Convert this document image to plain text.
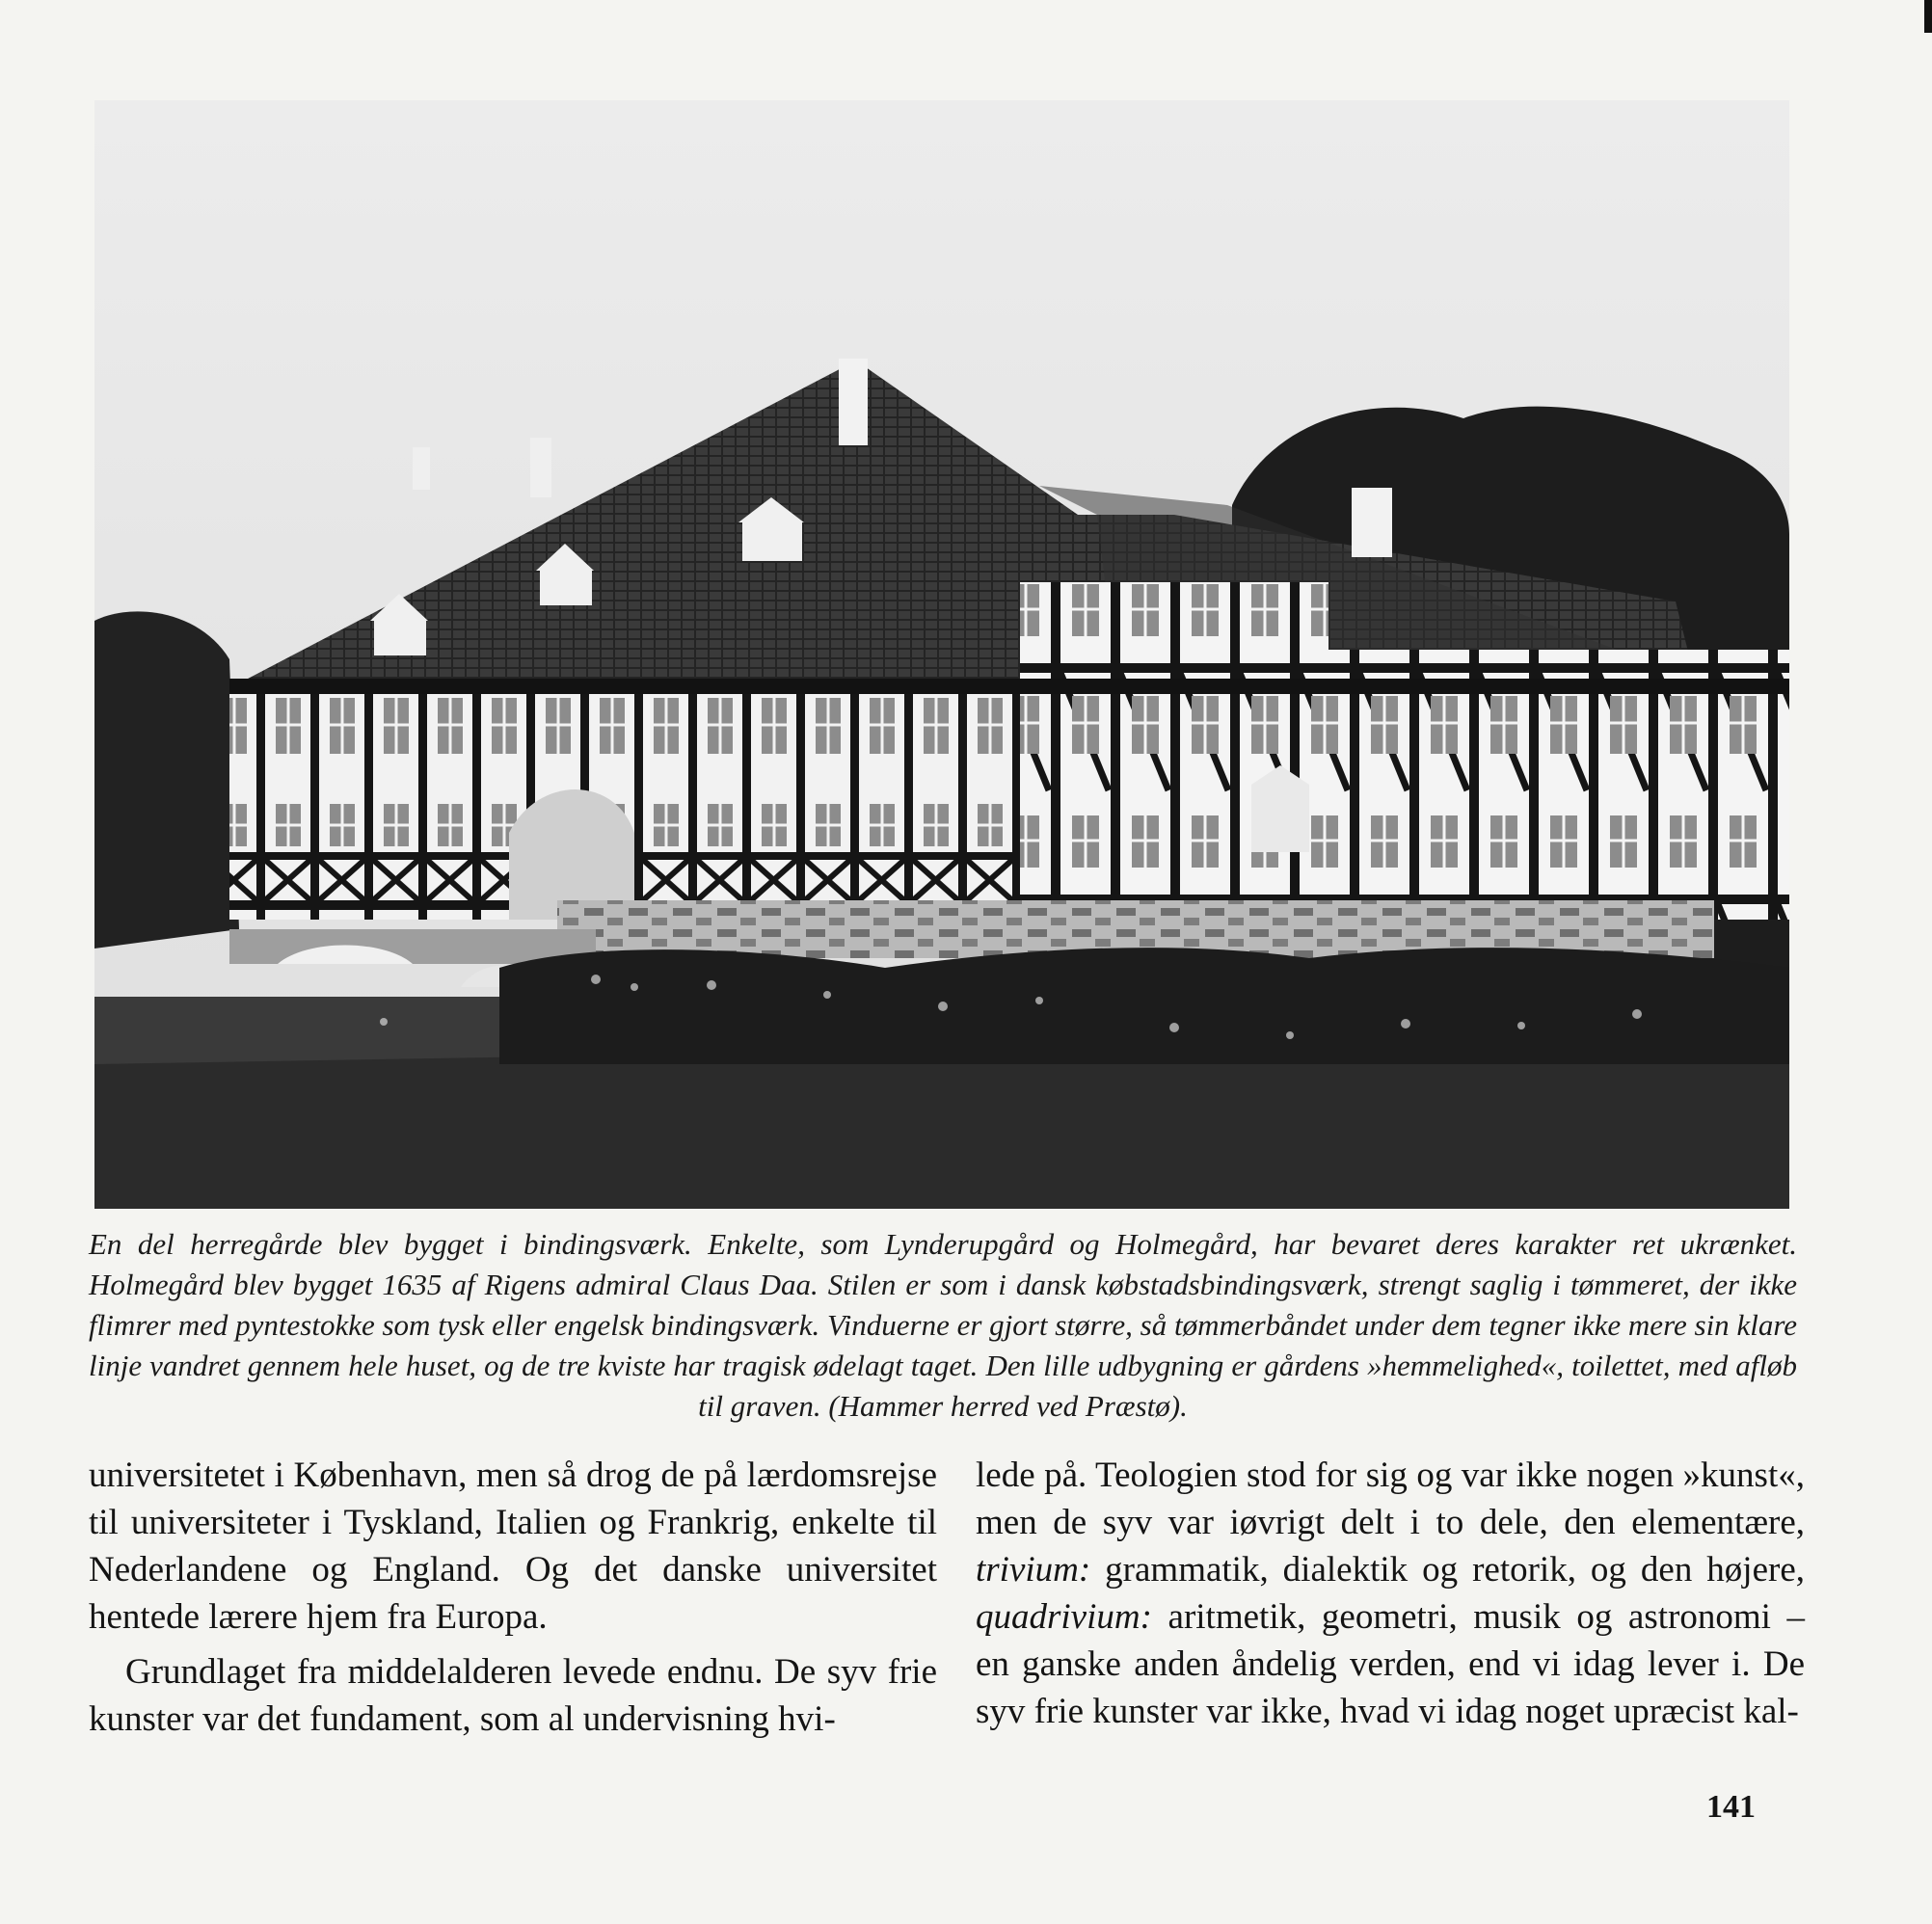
En del herregårde blev bygget i bindingsværk. Enkelte, som Lynderupgård og Holmegård, har bevaret deres karakter ret ukrænket. Holmegård blev bygget 1635 af Rigens admiral Claus Daa. Stilen er som i dansk købstadsbindingsværk, strengt saglig i tømmeret, der ikke flimrer med pyntestokke som tysk eller engelsk bindingsværk. Vinduerne er gjort større, så tømmerbåndet under dem tegner ikke mere sin klare linje vandret gennem hele huset, og de tre kviste har tragisk ødelagt taget. Den lille udbygning er gårdens »hemmelighed«, toilettet, med afløb til graven. (Hammer herred ved Præstø).

universitetet i København, men så drog de på lærdomsrejse til universiteter i Tyskland, Italien og Frankrig, enkelte til Nederlandene og England. Og det danske universitet hentede lærere hjem fra Europa.

Grundlaget fra middelalderen levede endnu. De syv frie kunster var det fundament, som al undervisning hvi-

lede på. Teologien stod for sig og var ikke nogen »kunst«, men de syv var iøvrigt delt i to dele, den elementære, trivium: grammatik, dialektik og retorik, og den højere, quadrivium: aritmetik, geometri, musik og astronomi – en ganske anden åndelig verden, end vi idag lever i. De syv frie kunster var ikke, hvad vi idag noget upræcist kal-

141
